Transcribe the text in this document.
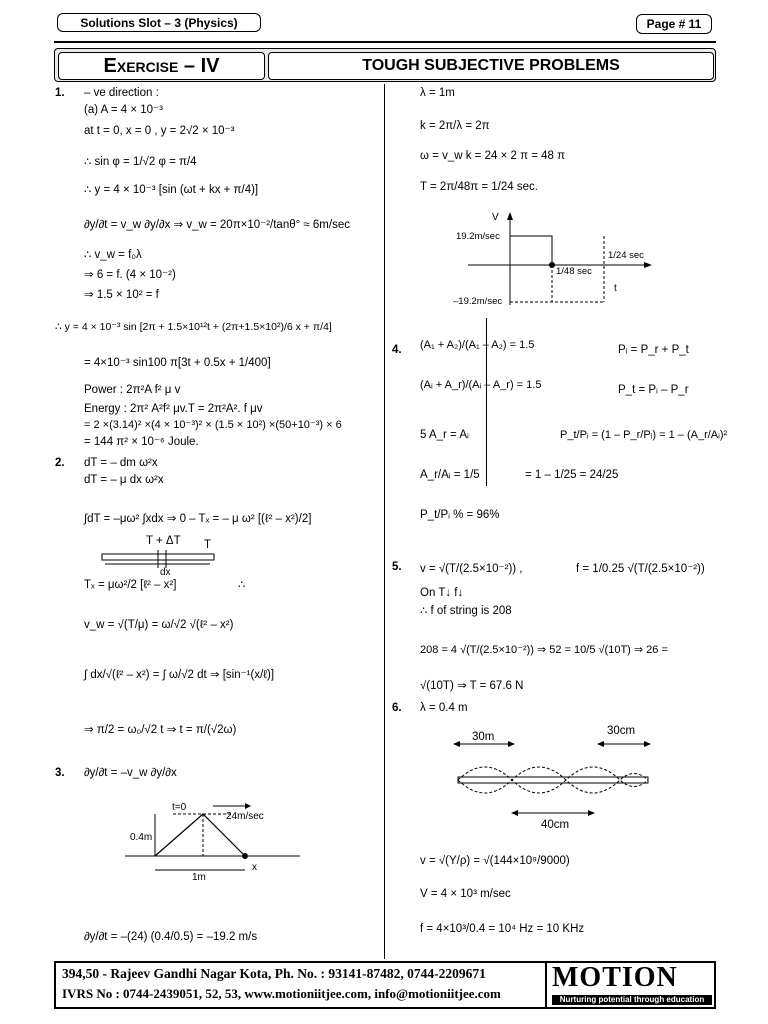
Solutions Slot – 3 (Physics)	Page # 11
Exercise – IV	TOUGH SUBJECTIVE PROBLEMS
1. – ve direction :
(a) A = 4 × 10⁻³
at t = 0, x = 0 , y = 2√2 × 10⁻³
∴ sin φ = 1/√2 φ = π/4
∴ y = 4 × 10⁻³ [sin (ωt + kx + π/4)]
∂y/∂t = v_w ∂y/∂x ⇒ v_w = 20π×10⁻²/tanθ° ≈ 6m/sec
∴ v_w = f₀λ
⇒ 6 = f. (4 × 10⁻²)
⇒ 1.5 × 10² = f
∴ y = 4 × 10⁻³ sin [2π + 1.5×10¹²t + (2π+1.5×10²)/6 x + π/4]
= 4×10⁻³ sin100 π[3t + 0.5x + 1/400]
Power : 2π²A f² μ v
Energy : 2π² A²f² μv.T = 2π²A². f μv
= 2 ×(3.14)² ×(4 × 10⁻³)² × (1.5 × 10²) ×(50+10⁻³) × 6
= 144 π² × 10⁻⁶ Joule.
2. dT = – dm ω²x
dT = – μ dx ω²x
∫dT = –μω² ∫xdx ⇒ 0 – Tₓ = – μ ω² [(ℓ² – x²)/2]
T + ΔT T
dx
Tₓ = μω²/2 [ℓ² – x²]	∴
v_w = √(T/μ) = ω/√2 √(ℓ² – x²)
∫ dx/√(ℓ² – x²) = ∫ ω/√2 dt ⇒ [sin⁻¹(x/ℓ)]
⇒ π/2 = ω₀/√2 t ⇒ t = π/(√2ω)
3. ∂y/∂t = –v_w ∂y/∂x
t=0
24m/sec
0.4m
x
1m
∂y/∂t = –(24) (0.4/0.5) = –19.2 m/s
λ = 1m
k = 2π/λ = 2π
ω = v_w k = 24 × 2 π = 48 π
T = 2π/48π = 1/24 sec.
V
19.2m/sec
–19.2m/sec
1/48 sec
1/24 sec
t
4. (A₁ + A₂)/(A₁ – A₂) = 1.5
(Aᵢ + A_r)/(Aᵢ – A_r) = 1.5
5 A_r = Aᵢ
A_r/Aᵢ = 1/5
P_t/Pᵢ % = 96%
Pᵢ = P_r + P_t
P_t = Pᵢ – P_r
P_t/Pᵢ = (1 – P_r/Pᵢ) = 1 – (A_r/Aᵢ)²
= 1 – 1/25 = 24/25
5. v = √(T/(2.5×10⁻²)) ,	f = 1/0.25 √(T/(2.5×10⁻²))
On T↓ f↓
∴ f of string is 208
208 = 4 √(T/(2.5×10⁻²)) ⇒ 52 = 10/5 √(10T) ⇒ 26 =
√(10T) ⇒ T = 67.6 N
6. λ = 0.4 m
30m	30cm
40cm
v = √(Y/ρ) = √(144×10⁹/9000)
V = 4 × 10³ m/sec
f = 4×10³/0.4 = 10⁴ Hz = 10 KHz
394,50 - Rajeev Gandhi Nagar Kota, Ph. No. : 93141-87482, 0744-2209671
IVRS No : 0744-2439051, 52, 53, www.motioniitjee.com, info@motioniitjee.com
MOTION
Nurturing potential through education
